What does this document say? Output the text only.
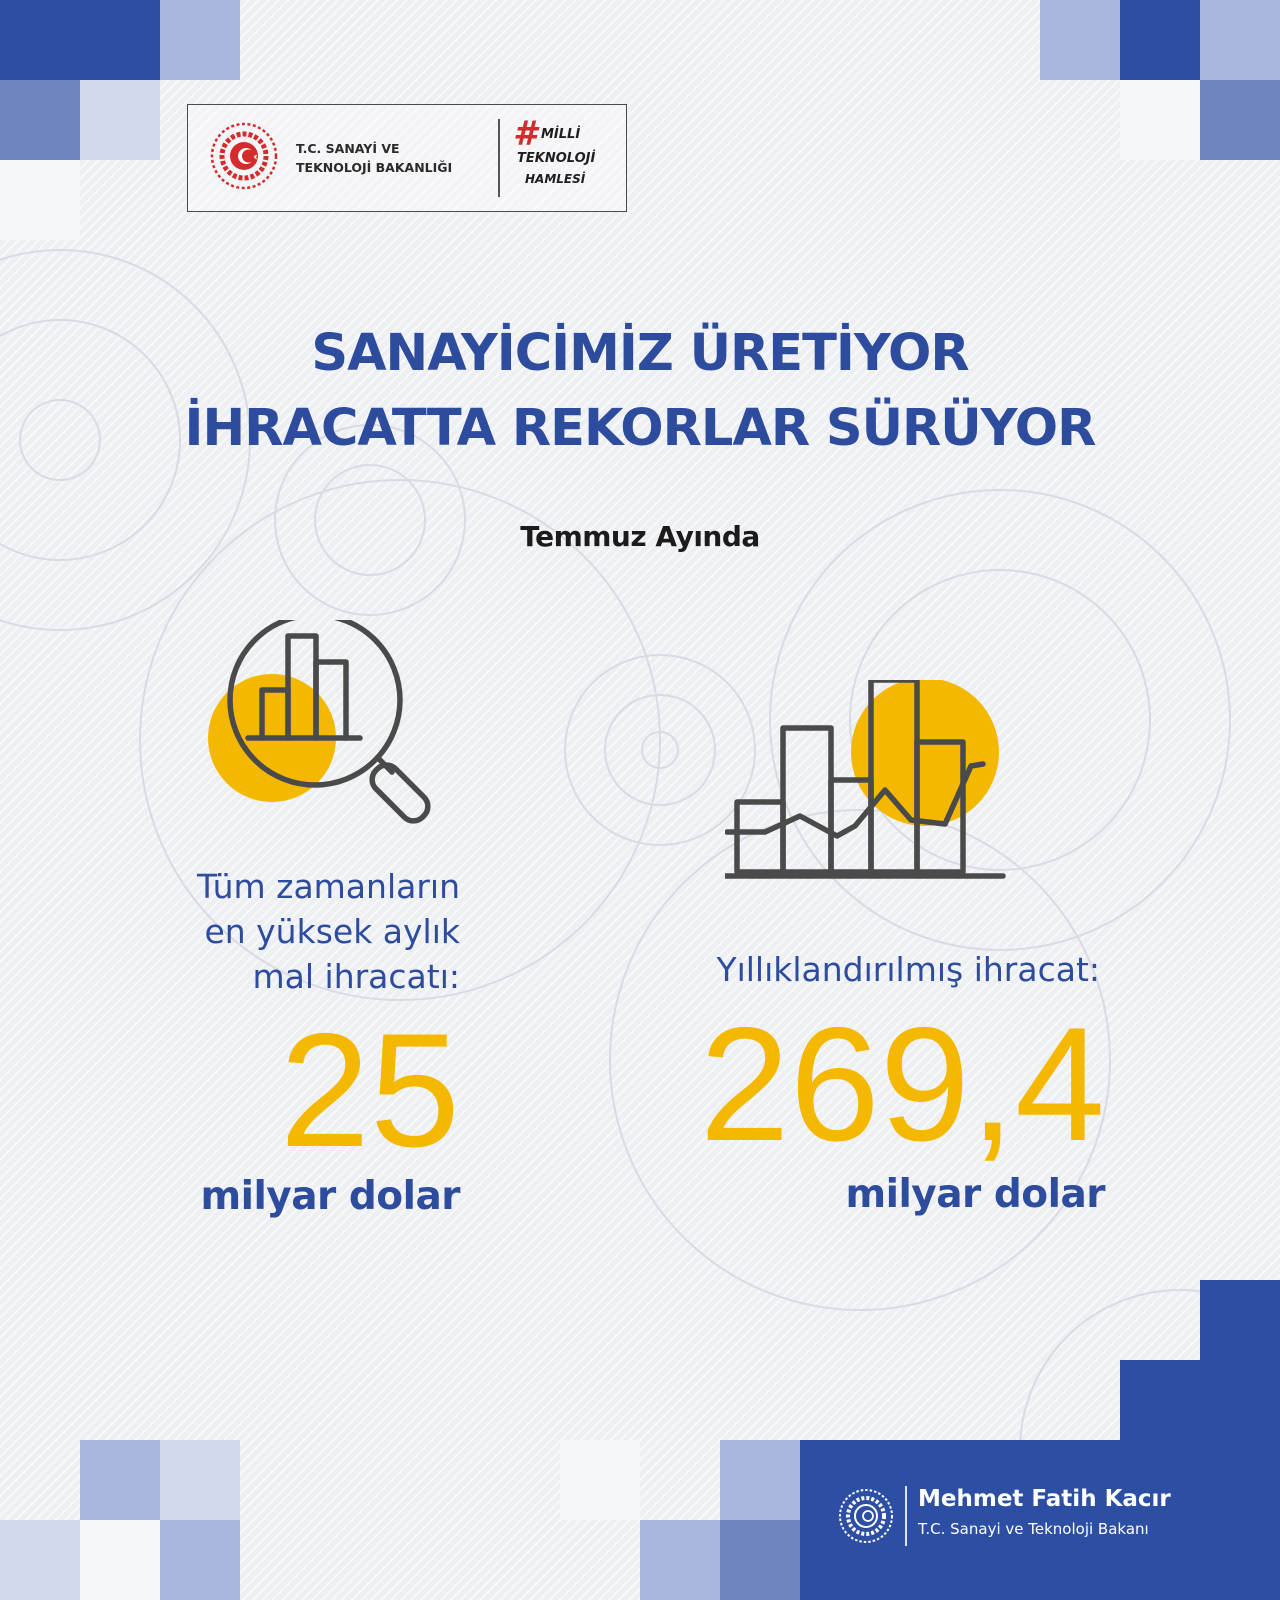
T.C. SANAYİ VE
TEKNOLOJİ BAKANLIĞI
# MİLLİ
TEKNOLOJİ
HAMLESİ
SANAYİCİMİZ ÜRETİYOR
İHRACATTA REKORLAR SÜRÜYOR
Temmuz Ayında
Tüm zamanların
en yüksek aylık
mal ihracatı:
25
milyar dolar
Yıllıklandırılmış ihracat:
269,4
milyar dolar
Mehmet Fatih Kacır
T.C. Sanayi ve Teknoloji Bakanı
